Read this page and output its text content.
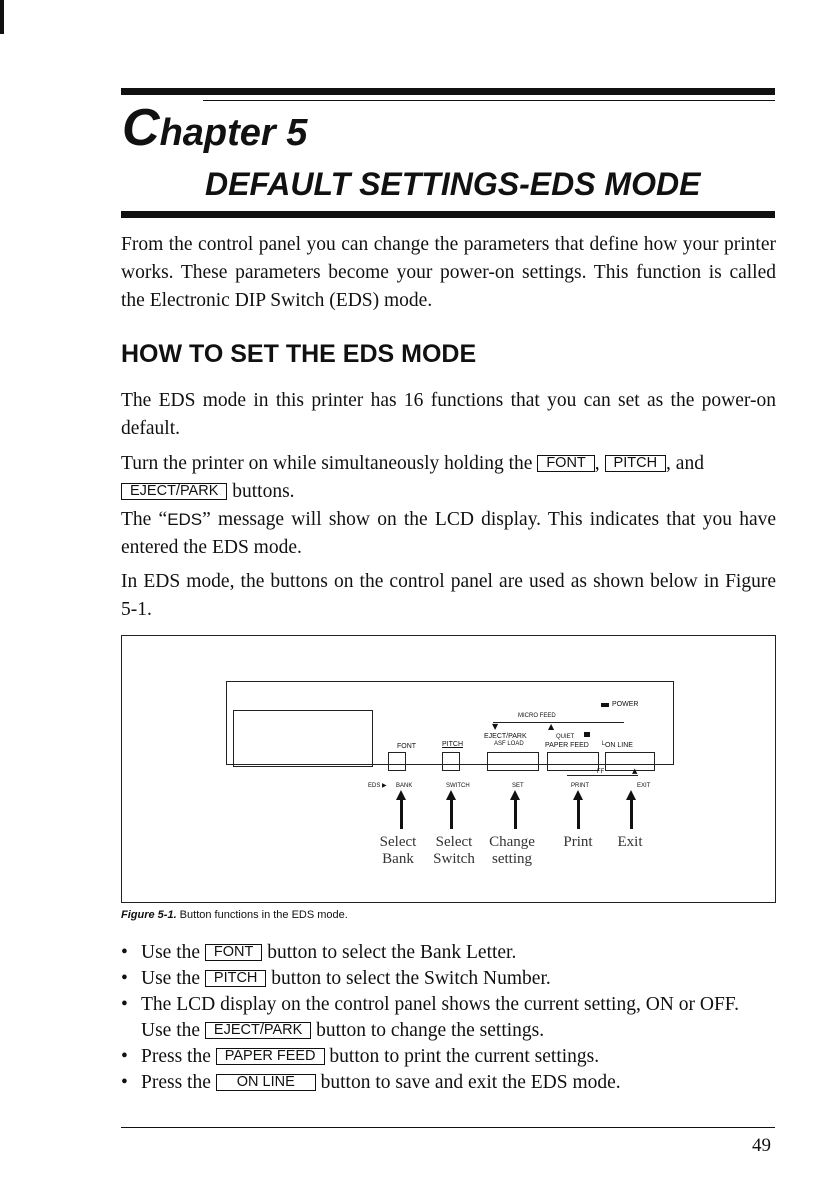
Chapter 5
DEFAULT SETTINGS-EDS MODE
From the control panel you can change the parameters that define how your printer works. These parameters become your power-on settings. This function is called the Electronic DIP Switch (EDS) mode.
HOW TO SET THE EDS MODE
The EDS mode in this printer has 16 functions that you can set as the power-on default.
Turn the printer on while simultaneously holding the FONT , PITCH , and
EJECT/PARK buttons.
The “EDS” message will show on the LCD display. This indicates that you have entered the EDS mode.
In EDS mode, the buttons on the control panel are used as shown below in Figure 5-1.
POWER
MICRO FEED
▼	▲
EJECT/PARK
ASF LOAD
QUIET
FONT	PITCH	PAPER FEED └ON LINE
FF	▲
EDS ▶ BANK	SWITCH	SET	PRINT	EXIT
Select
Bank
Select
Switch
Change
setting
Print	Exit
Figure 5-1. Button functions in the EDS mode.
• Use the FONT button to select the Bank Letter.
• Use the PITCH button to select the Switch Number.
• The LCD display on the control panel shows the current setting, ON or OFF.
Use the EJECT/PARK button to change the settings.
• Press the PAPER FEED button to print the current settings.
• Press the ON LINE button to save and exit the EDS mode.
49
